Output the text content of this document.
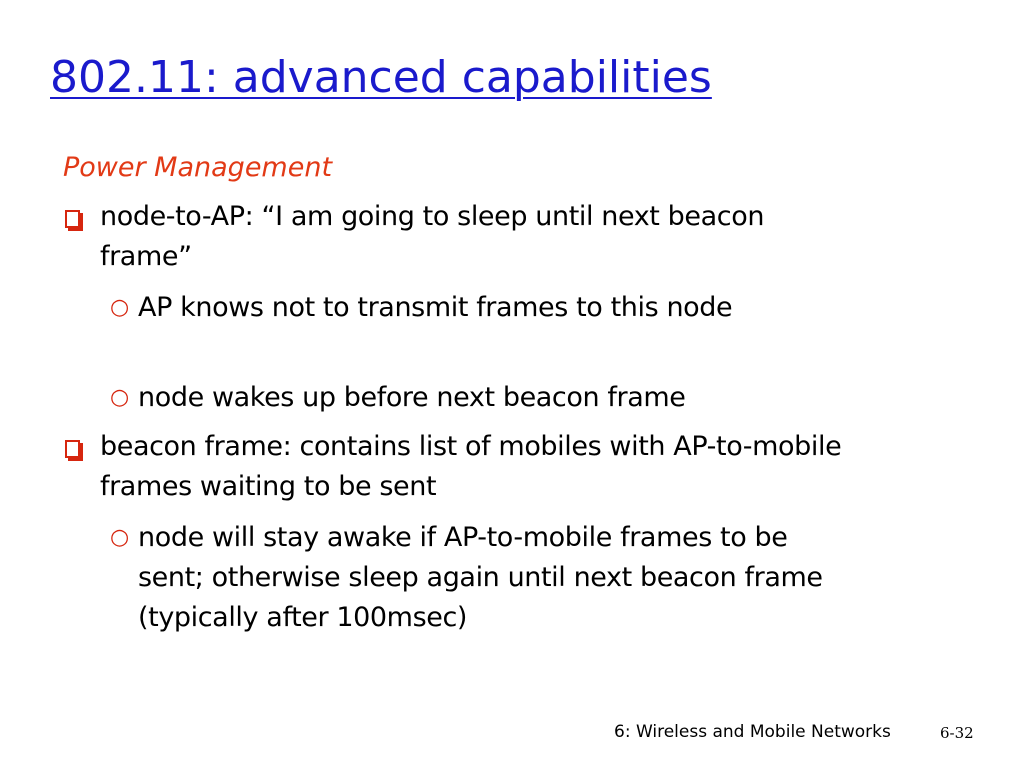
802.11: advanced capabilities
Power Management
node-to-AP: “I am going to sleep until next beacon frame”
○ AP knows not to transmit frames to this node
○ node wakes up before next beacon frame
beacon frame: contains list of mobiles with AP-to-mobile frames waiting to be sent
○ node will stay awake if AP-to-mobile frames to be sent; otherwise sleep again until next beacon frame (typically after 100msec)
6: Wireless and Mobile Networks	6-32
